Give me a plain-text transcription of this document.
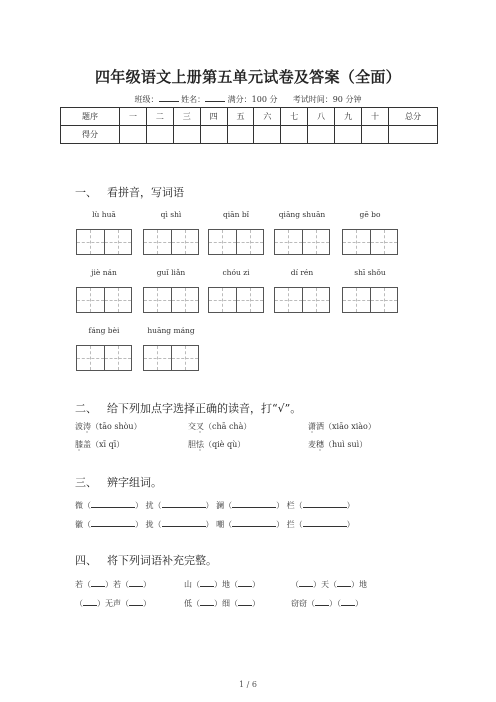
四年级语文上册第五单元试卷及答案（全面）
班级：	姓名：	满分：100 分 考试时间：90 分钟
题序	一	二	三	四	五	六	七	八	九	十	总分
得分											
一、 看拼音，写词语
lù huā	qì shì	qiān bǐ	qiāng shuān	gē bo
jiè nán	guǐ liǎn	chóu zi	dí rén	shī shǒu
fáng bèi	huāng máng
二、 给下列加点字选择正确的读音，打“√”。
波涛（tāo shòu）	交叉（chā chà）	潇洒（xiāo xiào）
膝盖（xī qī）	胆怯（qiè qù）	麦穗（huì suì）
三、 辨字组词。
微（	） 扰（	） 澜（	） 栏（	）
徽（	） 拢（	） 嘲（	） 拦（	）
四、 将下列词语补充完整。
若（ ）若（ ）	山（ ）地（ ）	（ ）天（ ）地
（ ）无声（ ）	低（ ）细（ ）	窃窃（ ）（ ）
1 / 6
